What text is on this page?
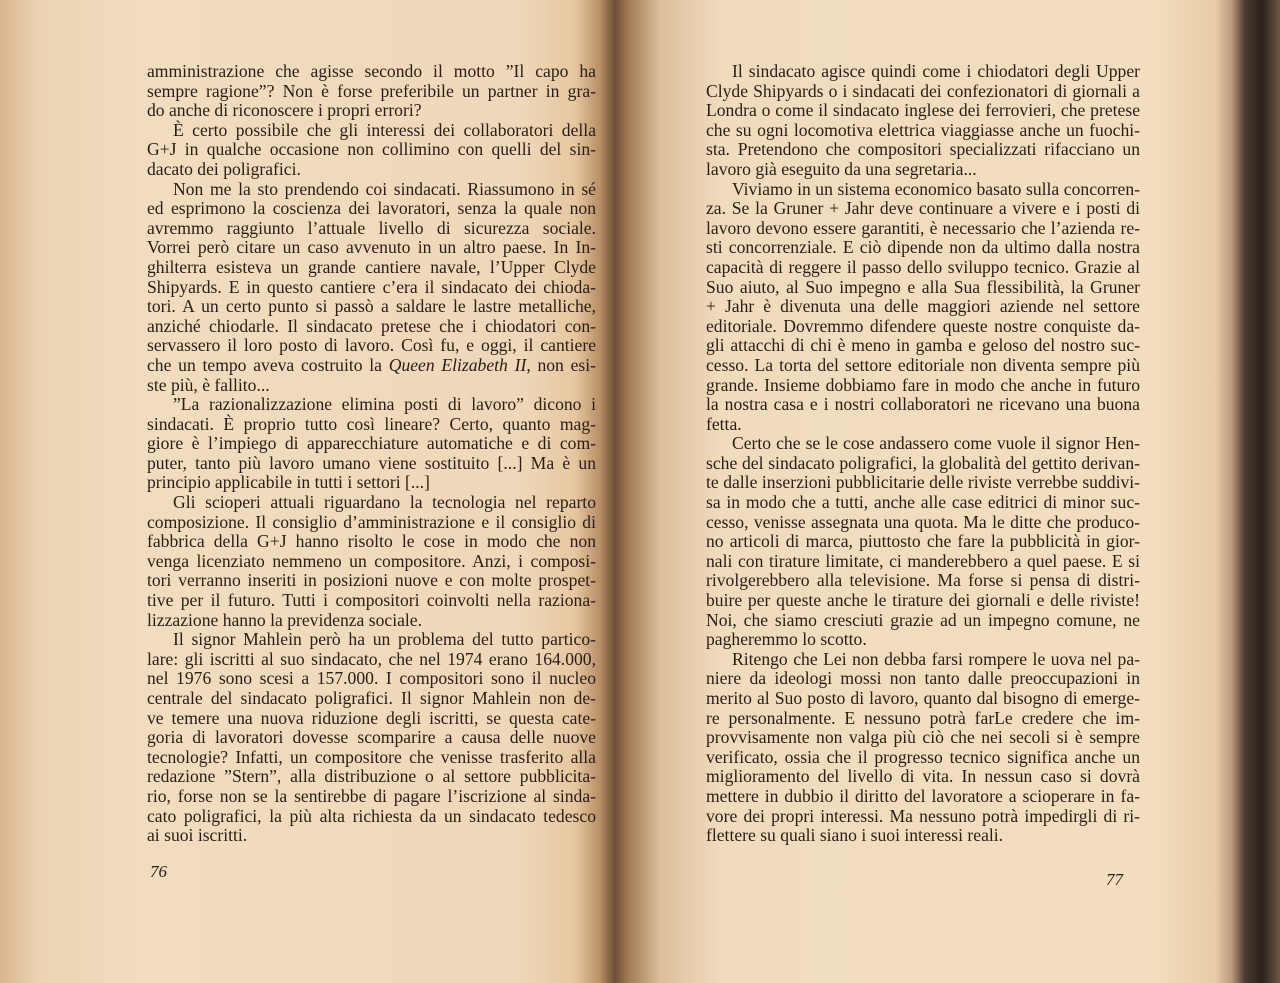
amministrazione che agisse secondo il motto ”Il capo ha
sempre ragione”? Non è forse preferibile un partner in gra-
do anche di riconoscere i propri errori?
È certo possibile che gli interessi dei collaboratori della
G+J in qualche occasione non collimino con quelli del sin-
dacato dei poligrafici.
Non me la sto prendendo coi sindacati. Riassumono in sé
ed esprimono la coscienza dei lavoratori, senza la quale non
avremmo raggiunto l’attuale livello di sicurezza sociale.
Vorrei però citare un caso avvenuto in un altro paese. In In-
ghilterra esisteva un grande cantiere navale, l’Upper Clyde
Shipyards. E in questo cantiere c’era il sindacato dei chioda-
tori. A un certo punto si passò a saldare le lastre metalliche,
anziché chiodarle. Il sindacato pretese che i chiodatori con-
servassero il loro posto di lavoro. Così fu, e oggi, il cantiere
che un tempo aveva costruito la Queen Elizabeth II, non esi-
ste più, è fallito...
”La razionalizzazione elimina posti di lavoro” dicono i
sindacati. È proprio tutto così lineare? Certo, quanto mag-
giore è l’impiego di apparecchiature automatiche e di com-
puter, tanto più lavoro umano viene sostituito [...] Ma è un
principio applicabile in tutti i settori [...]
Gli scioperi attuali riguardano la tecnologia nel reparto
composizione. Il consiglio d’amministrazione e il consiglio di
fabbrica della G+J hanno risolto le cose in modo che non
venga licenziato nemmeno un compositore. Anzi, i composi-
tori verranno inseriti in posizioni nuove e con molte prospet-
tive per il futuro. Tutti i compositori coinvolti nella raziona-
lizzazione hanno la previdenza sociale.
Il signor Mahlein però ha un problema del tutto partico-
lare: gli iscritti al suo sindacato, che nel 1974 erano 164.000,
nel 1976 sono scesi a 157.000. I compositori sono il nucleo
centrale del sindacato poligrafici. Il signor Mahlein non de-
ve temere una nuova riduzione degli iscritti, se questa cate-
goria di lavoratori dovesse scomparire a causa delle nuove
tecnologie? Infatti, un compositore che venisse trasferito alla
redazione ”Stern”, alla distribuzione o al settore pubblicita-
rio, forse non se la sentirebbe di pagare l’iscrizione al sinda-
cato poligrafici, la più alta richiesta da un sindacato tedesco
ai suoi iscritti.
Il sindacato agisce quindi come i chiodatori degli Upper
Clyde Shipyards o i sindacati dei confezionatori di giornali a
Londra o come il sindacato inglese dei ferrovieri, che pretese
che su ogni locomotiva elettrica viaggiasse anche un fuochi-
sta. Pretendono che compositori specializzati rifacciano un
lavoro già eseguito da una segretaria...
Viviamo in un sistema economico basato sulla concorren-
za. Se la Gruner + Jahr deve continuare a vivere e i posti di
lavoro devono essere garantiti, è necessario che l’azienda re-
sti concorrenziale. E ciò dipende non da ultimo dalla nostra
capacità di reggere il passo dello sviluppo tecnico. Grazie al
Suo aiuto, al Suo impegno e alla Sua flessibilità, la Gruner
+ Jahr è divenuta una delle maggiori aziende nel settore
editoriale. Dovremmo difendere queste nostre conquiste da-
gli attacchi di chi è meno in gamba e geloso del nostro suc-
cesso. La torta del settore editoriale non diventa sempre più
grande. Insieme dobbiamo fare in modo che anche in futuro
la nostra casa e i nostri collaboratori ne ricevano una buona
fetta.
Certo che se le cose andassero come vuole il signor Hen-
sche del sindacato poligrafici, la globalità del gettito derivan-
te dalle inserzioni pubblicitarie delle riviste verrebbe suddivi-
sa in modo che a tutti, anche alle case editrici di minor suc-
cesso, venisse assegnata una quota. Ma le ditte che produco-
no articoli di marca, piuttosto che fare la pubblicità in gior-
nali con tirature limitate, ci manderebbero a quel paese. E si
rivolgerebbero alla televisione. Ma forse si pensa di distri-
buire per queste anche le tirature dei giornali e delle riviste!
Noi, che siamo cresciuti grazie ad un impegno comune, ne
pagheremmo lo scotto.
Ritengo che Lei non debba farsi rompere le uova nel pa-
niere da ideologi mossi non tanto dalle preoccupazioni in
merito al Suo posto di lavoro, quanto dal bisogno di emerge-
re personalmente. E nessuno potrà farLe credere che im-
provvisamente non valga più ciò che nei secoli si è sempre
verificato, ossia che il progresso tecnico significa anche un
miglioramento del livello di vita. In nessun caso si dovrà
mettere in dubbio il diritto del lavoratore a scioperare in fa-
vore dei propri interessi. Ma nessuno potrà impedirgli di ri-
flettere su quali siano i suoi interessi reali.
76	77
